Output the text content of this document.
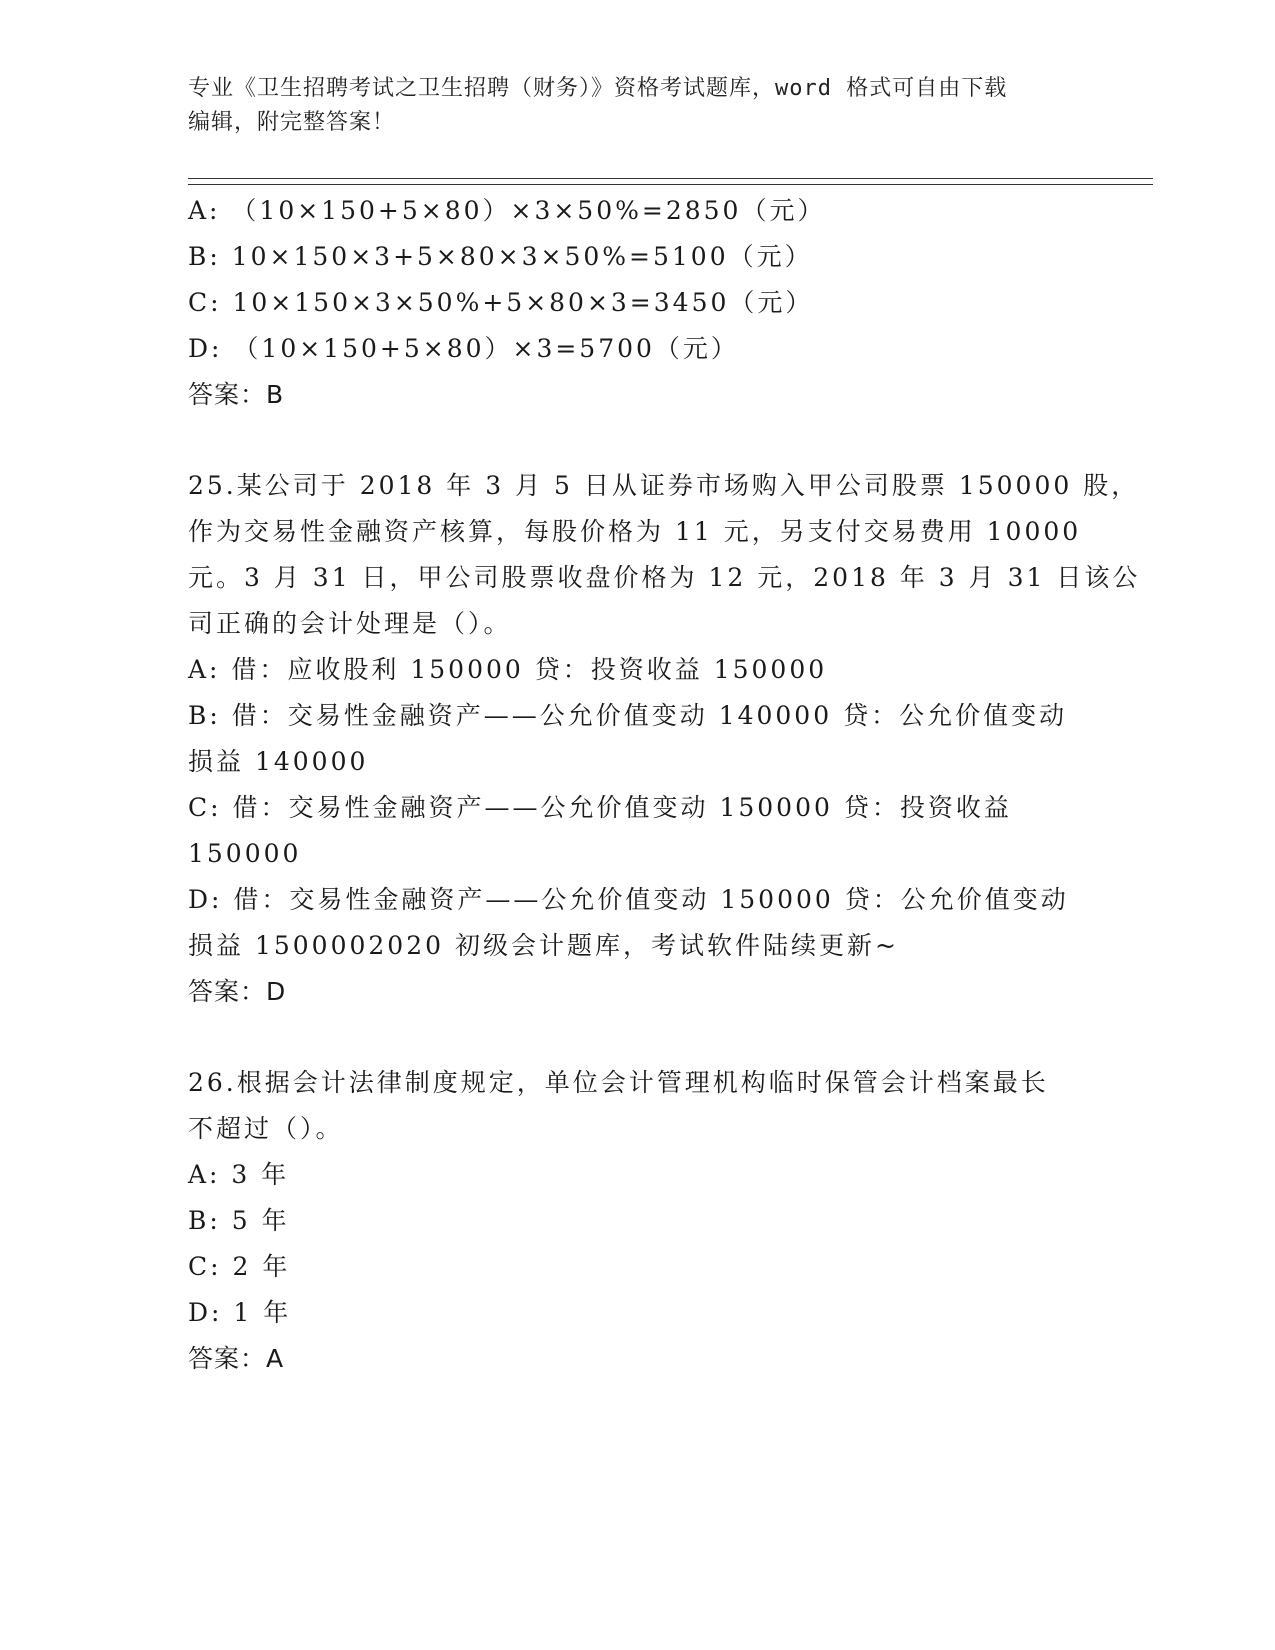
专业《卫生招聘考试之卫生招聘（财务）》资格考试题库，word 格式可自由下载
编辑，附完整答案！
A: （10×150+5×80）×3×50%=2850（元）
B: 10×150×3+5×80×3×50%=5100（元）
C: 10×150×3×50%+5×80×3=3450（元）
D: （10×150+5×80）×3=5700（元）
答案：B
25.某公司于 2018 年 3 月 5 日从证券市场购入甲公司股票 150000 股，
作为交易性金融资产核算，每股价格为 11 元，另支付交易费用 10000
元。3 月 31 日，甲公司股票收盘价格为 12 元，2018 年 3 月 31 日该公
司正确的会计处理是（）。
A: 借：应收股利 150000 贷：投资收益 150000
B: 借：交易性金融资产——公允价值变动 140000 贷：公允价值变动
损益 140000
C: 借：交易性金融资产——公允价值变动 150000 贷：投资收益
150000
D: 借：交易性金融资产——公允价值变动 150000 贷：公允价值变动
损益 1500002020 初级会计题库，考试软件陆续更新~
答案：D
26.根据会计法律制度规定，单位会计管理机构临时保管会计档案最长
不超过（）。
A: 3 年
B: 5 年
C: 2 年
D: 1 年
答案：A
